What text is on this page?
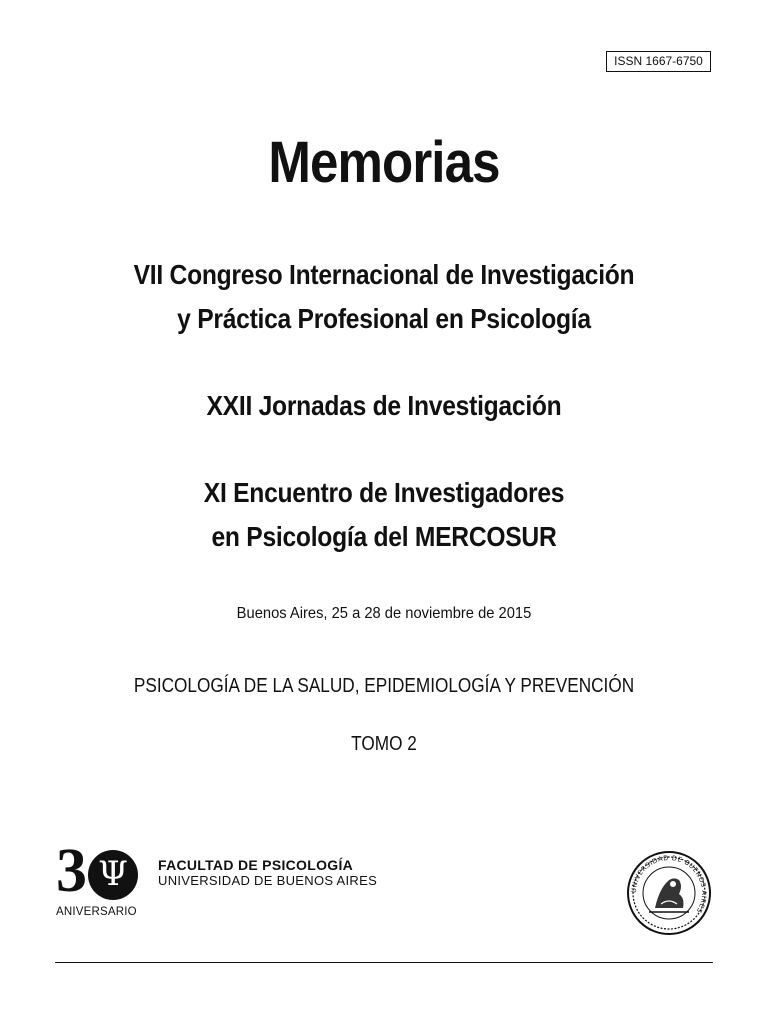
ISSN 1667-6750
Memorias
VII Congreso Internacional de Investigación
y Práctica Profesional en Psicología
XXII Jornadas de Investigación
XI Encuentro de Investigadores
en Psicología del MERCOSUR
Buenos Aires, 25 a 28 de noviembre de 2015
PSICOLOGÍA DE LA SALUD, EPIDEMIOLOGÍA Y PREVENCIÓN
TOMO 2
3 Ψ
ANIVERSARIO
FACULTAD DE PSICOLOGÍA
UNIVERSIDAD DE BUENOS AIRES
UNIVERSIDAD DE BUENOS AIRES
